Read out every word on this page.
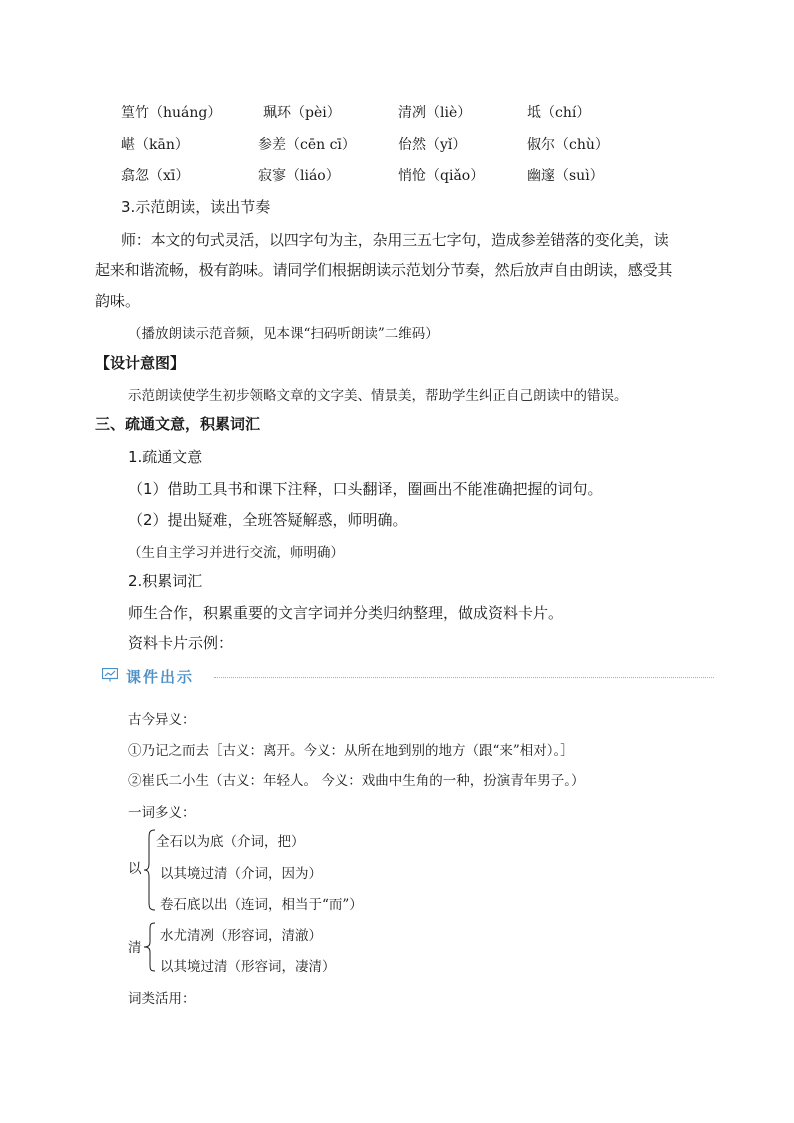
篁竹（huáng）	珮环（pèi）	清冽（liè）	坻（chí）
嵁（kān）	参差（cēn cī）	佁然（yǐ）	俶尔（chù）
翕忽（xī）	寂寥（liáo）	悄怆（qiǎo）	幽邃（suì）
3.示范朗读，读出节奏
师：本文的句式灵活，以四字句为主，杂用三五七字句，造成参差错落的变化美，读
起来和谐流畅，极有韵味。请同学们根据朗读示范划分节奏，然后放声自由朗读，感受其
韵味。
（播放朗读示范音频，见本课“扫码听朗读”二维码）
【设计意图】
示范朗读使学生初步领略文章的文字美、情景美，帮助学生纠正自己朗读中的错误。
三、疏通文意，积累词汇
1.疏通文意
（1）借助工具书和课下注释，口头翻译，圈画出不能准确把握的词句。
（2）提出疑难，全班答疑解惑，师明确。
（生自主学习并进行交流，师明确）
2.积累词汇
师生合作，积累重要的文言字词并分类归纳整理，做成资料卡片。
资料卡片示例：
课件出示
古今异义：
①乃记之而去［古义：离开。今义：从所在地到别的地方（跟“来”相对）。］
②崔氏二小生（古义：年轻人。 今义：戏曲中生角的一种，扮演青年男子。）
一词多义：
以
全石以为底（介词，把）
以其境过清（介词，因为）
卷石底以出（连词，相当于“而”）
清
水尤清冽（形容词，清澈）
以其境过清（形容词，凄清）
词类活用：
